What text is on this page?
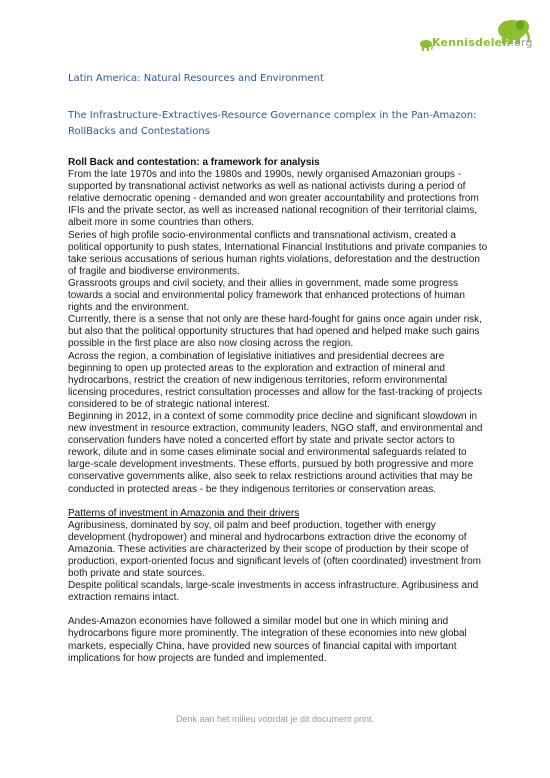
Kennisdelen.org
Latin America: Natural Resources and Environment
The Infrastructure-Extractives-Resource Governance complex in the Pan-Amazon:
RollBacks and Contestations
Roll Back and contestation: a framework for analysis

From the late 1970s and into the 1980s and 1990s, newly organised Amazonian groups - supported by transnational activist networks as well as national activists during a period of relative democratic opening - demanded and won greater accountability and protections from IFIs and the private sector, as well as increased national recognition of their territorial claims, albeit more in some countries than others.

Series of high profile socio-environmental conflicts and transnational activism, created a political opportunity to push states, International Financial Institutions and private companies to take serious accusations of serious human rights violations, deforestation and the destruction of fragile and biodiverse environments.

Grassroots groups and civil society, and their allies in government, made some progress towards a social and environmental policy framework that enhanced protections of human rights and the environment.

Currently, there is a sense that not only are these hard-fought for gains once again under risk, but also that the political opportunity structures that had opened and helped make such gains possible in the first place are also now closing across the region.

Across the region, a combination of legislative initiatives and presidential decrees are beginning to open up protected areas to the exploration and extraction of mineral and hydrocarbons, restrict the creation of new indigenous territories, reform environmental licensing procedures, restrict consultation processes and allow for the fast-tracking of projects considered to be of strategic national interest.

Beginning in 2012, in a context of some commodity price decline and significant slowdown in new investment in resource extraction, community leaders, NGO staff, and environmental and conservation funders have noted a concerted effort by state and private sector actors to rework, dilute and in some cases eliminate social and environmental safeguards related to large-scale development investments. These efforts, pursued by both progressive and more conservative governments alike, also seek to relax restrictions around activities that may be conducted in protected areas - be they indigenous territories or conservation areas.

Patterns of investment in Amazonia and their drivers

Agribusiness, dominated by soy, oil palm and beef production, together with energy development (hydropower) and mineral and hydrocarbons extraction drive the economy of Amazonia. These activities are characterized by their scope of production by their scope of production, export-oriented focus and significant levels of (often coordinated) investment from both private and state sources.

Despite political scandals, large-scale investments in access infrastructure. Agribusiness and extraction remains intact.

Andes-Amazon economies have followed a similar model but one in which mining and hydrocarbons figure more prominently. The integration of these economies into new global markets, especially China, have provided new sources of financial capital with important implications for how projects are funded and implemented.

Denk aan het milieu voordat je dit document print.
